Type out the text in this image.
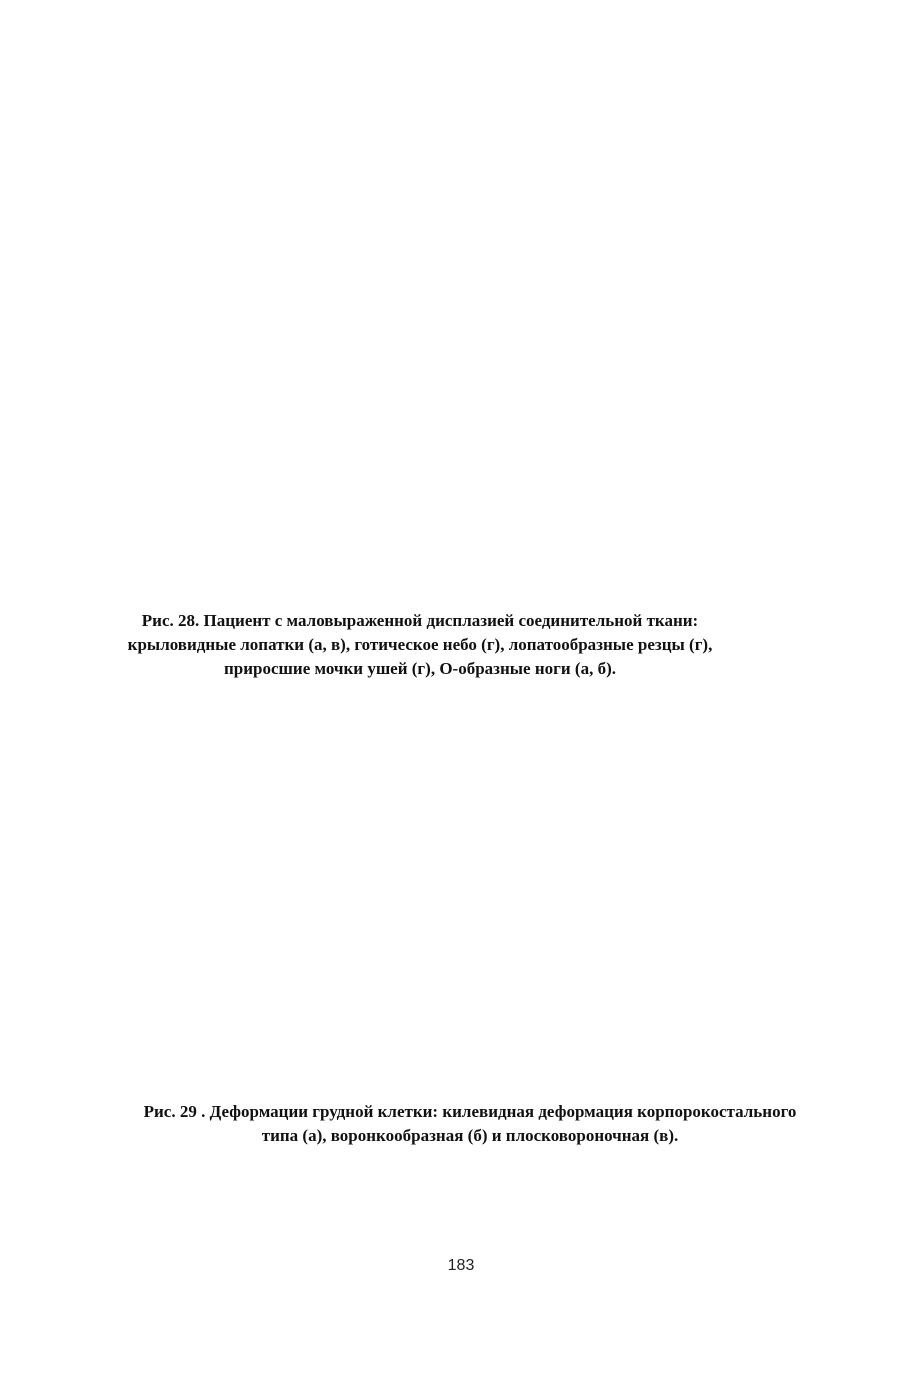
Рис. 28. Пациент с маловыраженной дисплазией соединительной ткани:
крыловидные лопатки (а, в), готическое небо (г), лопатообразные резцы (г),
приросшие мочки ушей (г), О-образные ноги (а, б).

Рис. 29 . Деформации грудной клетки: килевидная деформация корпорокостального
типа (а), воронкообразная (б) и плосковороночная (в).

183
